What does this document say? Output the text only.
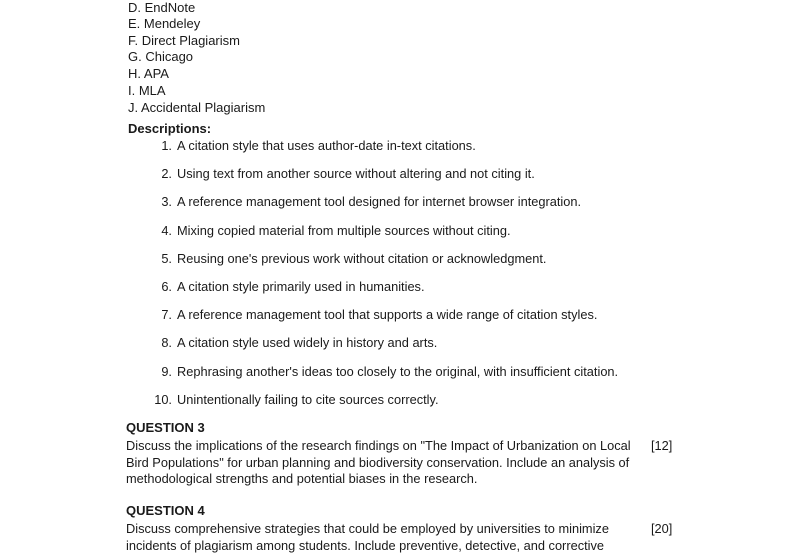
D. EndNote
E. Mendeley
F. Direct Plagiarism
G. Chicago
H. APA
I. MLA
J. Accidental Plagiarism
Descriptions:
1. A citation style that uses author-date in-text citations.
2. Using text from another source without altering and not citing it.
3. A reference management tool designed for internet browser integration.
4. Mixing copied material from multiple sources without citing.
5. Reusing one's previous work without citation or acknowledgment.
6. A citation style primarily used in humanities.
7. A reference management tool that supports a wide range of citation styles.
8. A citation style used widely in history and arts.
9. Rephrasing another's ideas too closely to the original, with insufficient citation.
10. Unintentionally failing to cite sources correctly.
QUESTION 3
Discuss the implications of the research findings on "The Impact of Urbanization on Local Bird Populations" for urban planning and biodiversity conservation. Include an analysis of methodological strengths and potential biases in the research.
[12]
QUESTION 4
Discuss comprehensive strategies that could be employed by universities to minimize incidents of plagiarism among students. Include preventive, detective, and corrective
[20]
